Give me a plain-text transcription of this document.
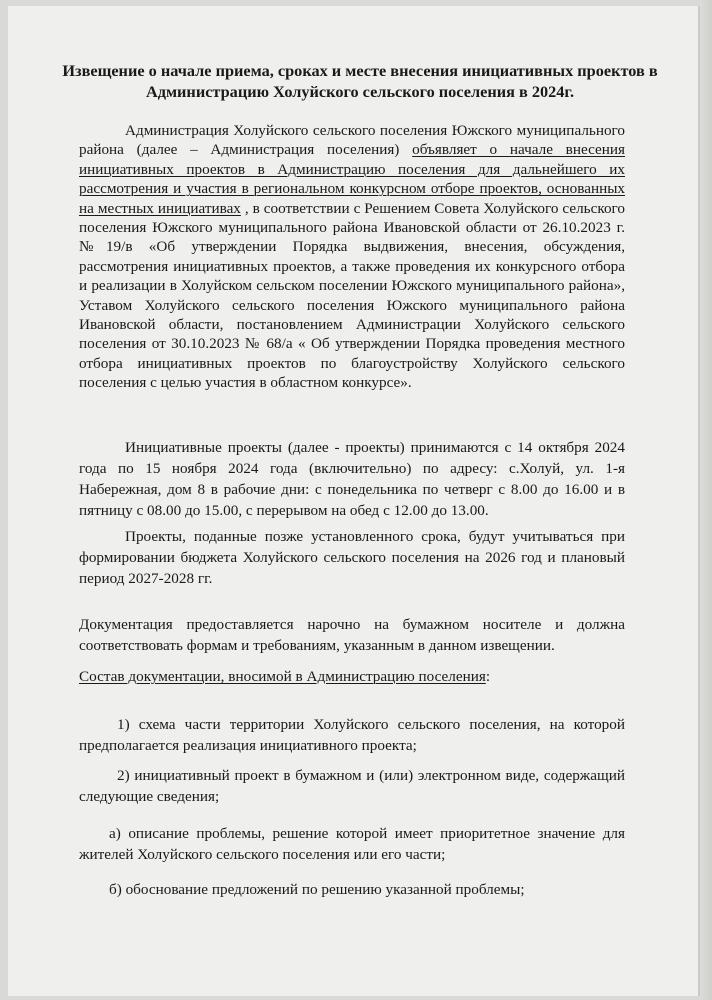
Извещение о начале приема, сроках и месте внесения инициативных проектов в Администрацию Холуйского сельского поселения в 2024г.
Администрация Холуйского сельского поселения Южского муниципального района (далее – Администрация поселения) объявляет о начале внесения инициативных проектов в Администрацию поселения для дальнейшего их рассмотрения и участия в региональном конкурсном отборе проектов, основанных на местных инициативах , в соответствии с Решением Совета Холуйского сельского поселения Южского муниципального района Ивановской области от 26.10.2023 г.№19/в «Об утверждении Порядка выдвижения, внесения, обсуждения, рассмотрения инициативных проектов, а также проведения их конкурсного отбора и реализации в Холуйском сельском поселении Южского муниципального района», Уставом Холуйского сельского поселения Южского муниципального района Ивановской области, постановлением Администрации Холуйского сельского поселения от 30.10.2023 № 68/а « Об утверждении Порядка проведения местного отбора инициативных проектов по благоустройству Холуйского сельского поселения с целью участия в областном конкурсе».
Инициативные проекты (далее - проекты) принимаются с 14 октября 2024 года по 15 ноября 2024 года (включительно) по адресу: с.Холуй, ул. 1-я Набережная, дом 8 в рабочие дни: с понедельника по четверг с 8.00 до 16.00 и в пятницу с 08.00 до 15.00, с перерывом на обед с 12.00 до 13.00.
Проекты, поданные позже установленного срока, будут учитываться при формировании бюджета Холуйского сельского поселения на 2026 год и плановый период 2027-2028 гг.
Документация предоставляется нарочно на бумажном носителе и должна соответствовать формам и требованиям, указанным в данном извещении.
Состав документации, вносимой в Администрацию поселения:
1) схема части территории Холуйского сельского поселения, на которой предполагается реализация инициативного проекта;
2) инициативный проект в бумажном и (или) электронном виде, содержащий следующие сведения;
а) описание проблемы, решение которой имеет приоритетное значение для жителей Холуйского сельского поселения или его части;
б) обоснование предложений по решению указанной проблемы;
